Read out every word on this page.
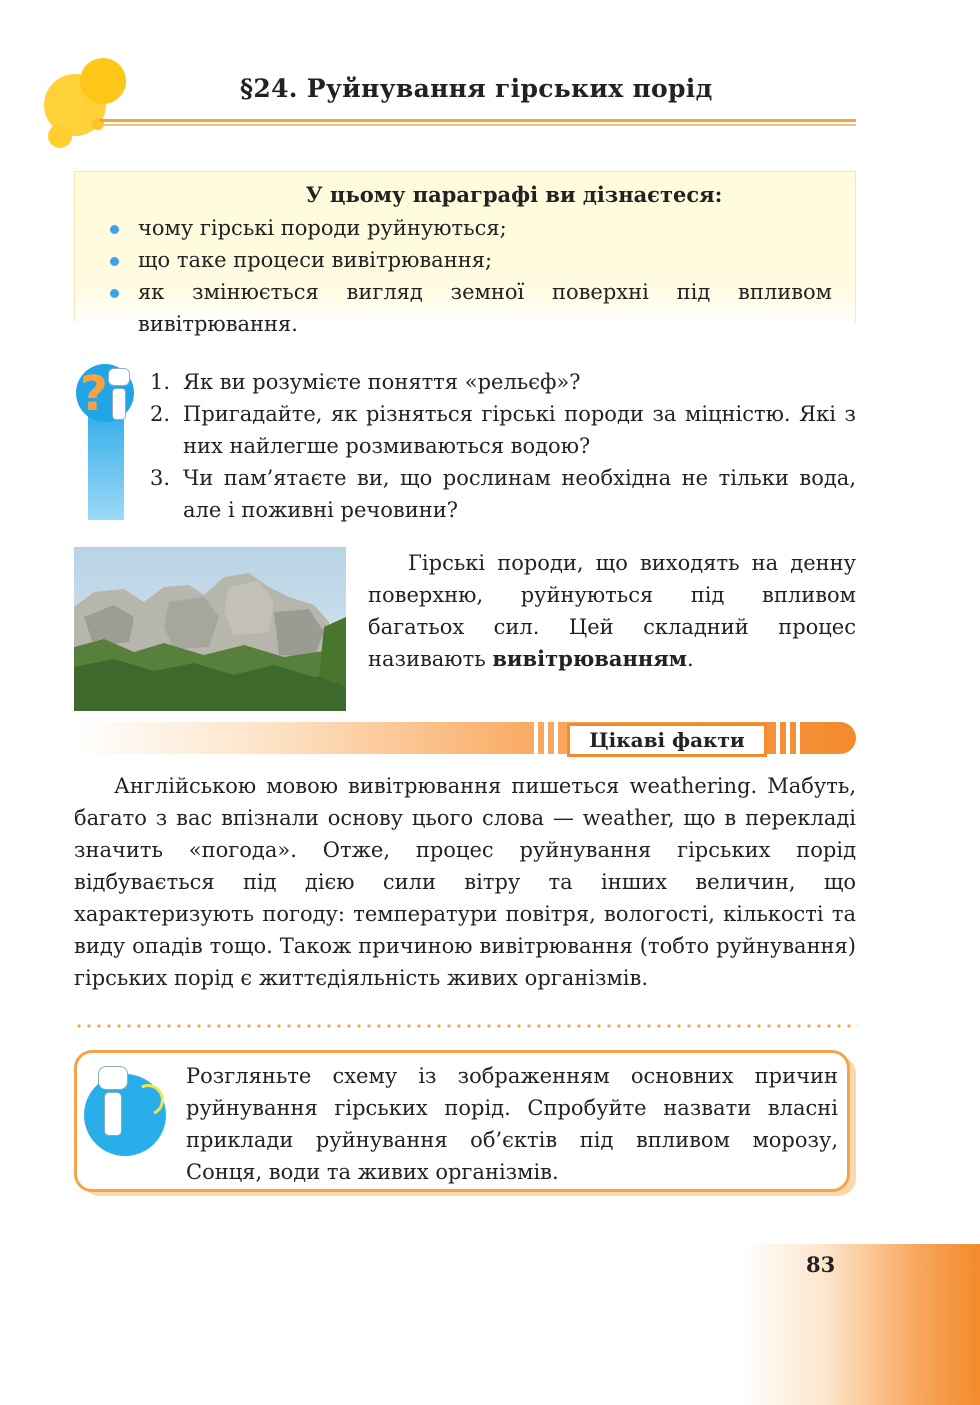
§24. Руйнування гірських порід
У цьому параграфі ви дізнаєтеся:
чому гірські породи руйнуються;
що таке процеси вивітрювання;
як змінюється вигляд земної поверхні під впливом вивітрювання.
? 1. Як ви розумієте поняття «рельєф»?
2. Пригадайте, як різняться гірські породи за міцністю. Які з них найлегше розмиваються водою?
3. Чи пам’ятаєте ви, що рослинам необхідна не тільки вода, але і поживні речовини?

Гірські породи, що виходять на денну поверхню, руйнуються під впливом багатьох сил. Цей складний процес називають вивітрюванням.

Цікаві факти

Англійською мовою вивітрювання пишеться weathering. Мабуть, багато з вас впізнали основу цього слова — weather, що в перекладі значить «погода». Отже, процес руйнування гірських порід відбувається під дією сили вітру та інших величин, що характеризують погоду: температури повітря, вологості, кількості та виду опадів тощо. Також причиною вивітрювання (тобто руйнування) гірських порід є життєдіяльність живих організмів.

Розгляньте схему із зображенням основних причин руйнування гірських порід. Спробуйте назвати власні приклади руйнування об’єктів під впливом морозу, Сонця, води та живих організмів.

83
